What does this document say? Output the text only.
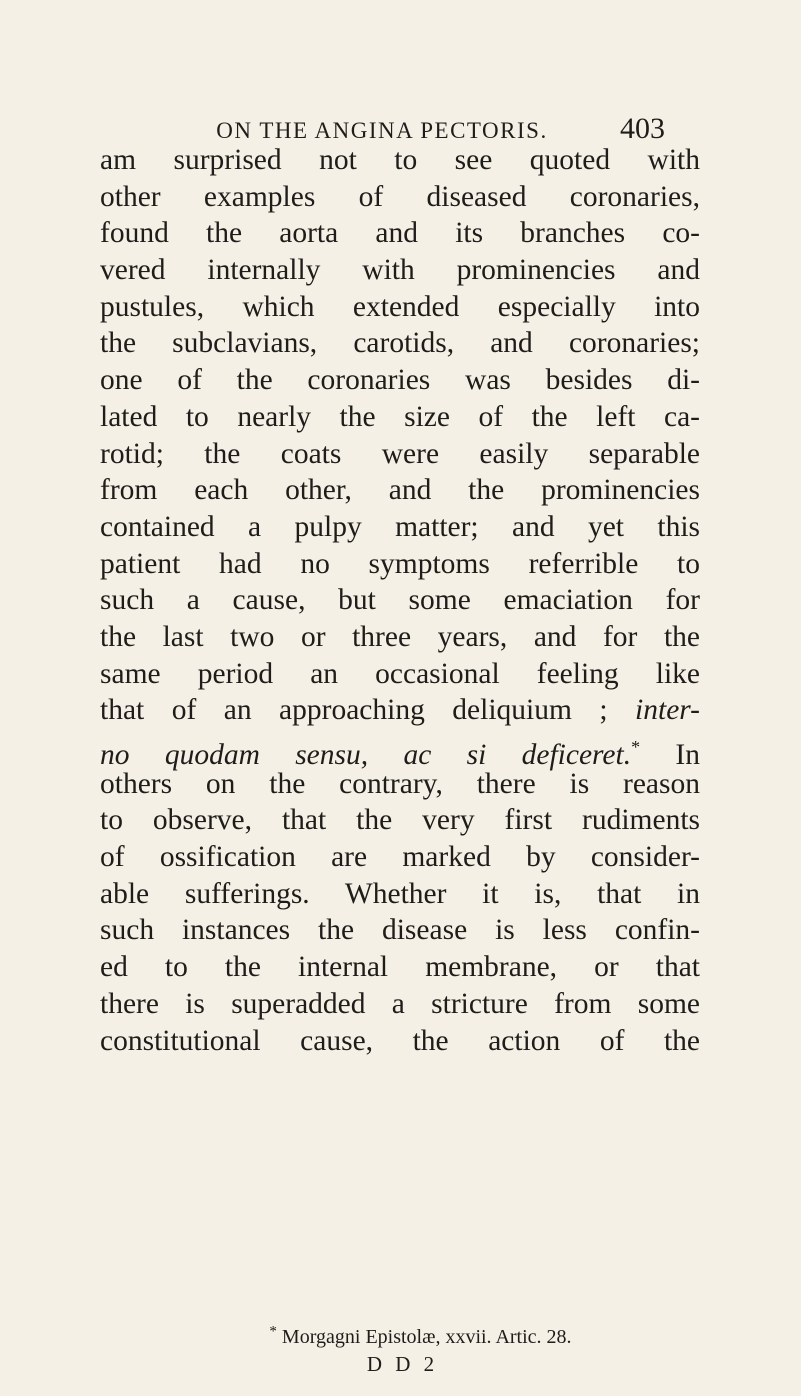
ON THE ANGINA PECTORIS. 403
am surprised not to see quoted with
other examples of diseased coronaries,
found the aorta and its branches co-
vered internally with prominencies and
pustules, which extended especially into
the subclavians, carotids, and coronaries;
one of the coronaries was besides di-
lated to nearly the size of the left ca-
rotid; the coats were easily separable
from each other, and the prominencies
contained a pulpy matter; and yet this
patient had no symptoms referrible to
such a cause, but some emaciation for
the last two or three years, and for the
same period an occasional feeling like
that of an approaching deliquium ; inter-
no quodam sensu, ac si deficeret.* In
others on the contrary, there is reason
to observe, that the very first rudiments
of ossification are marked by consider-
able sufferings. Whether it is, that in
such instances the disease is less confin-
ed to the internal membrane, or that
there is superadded a stricture from some
constitutional cause, the action of the
* Morgagni Epistolæ, xxvii. Artic. 28.
D D 2
